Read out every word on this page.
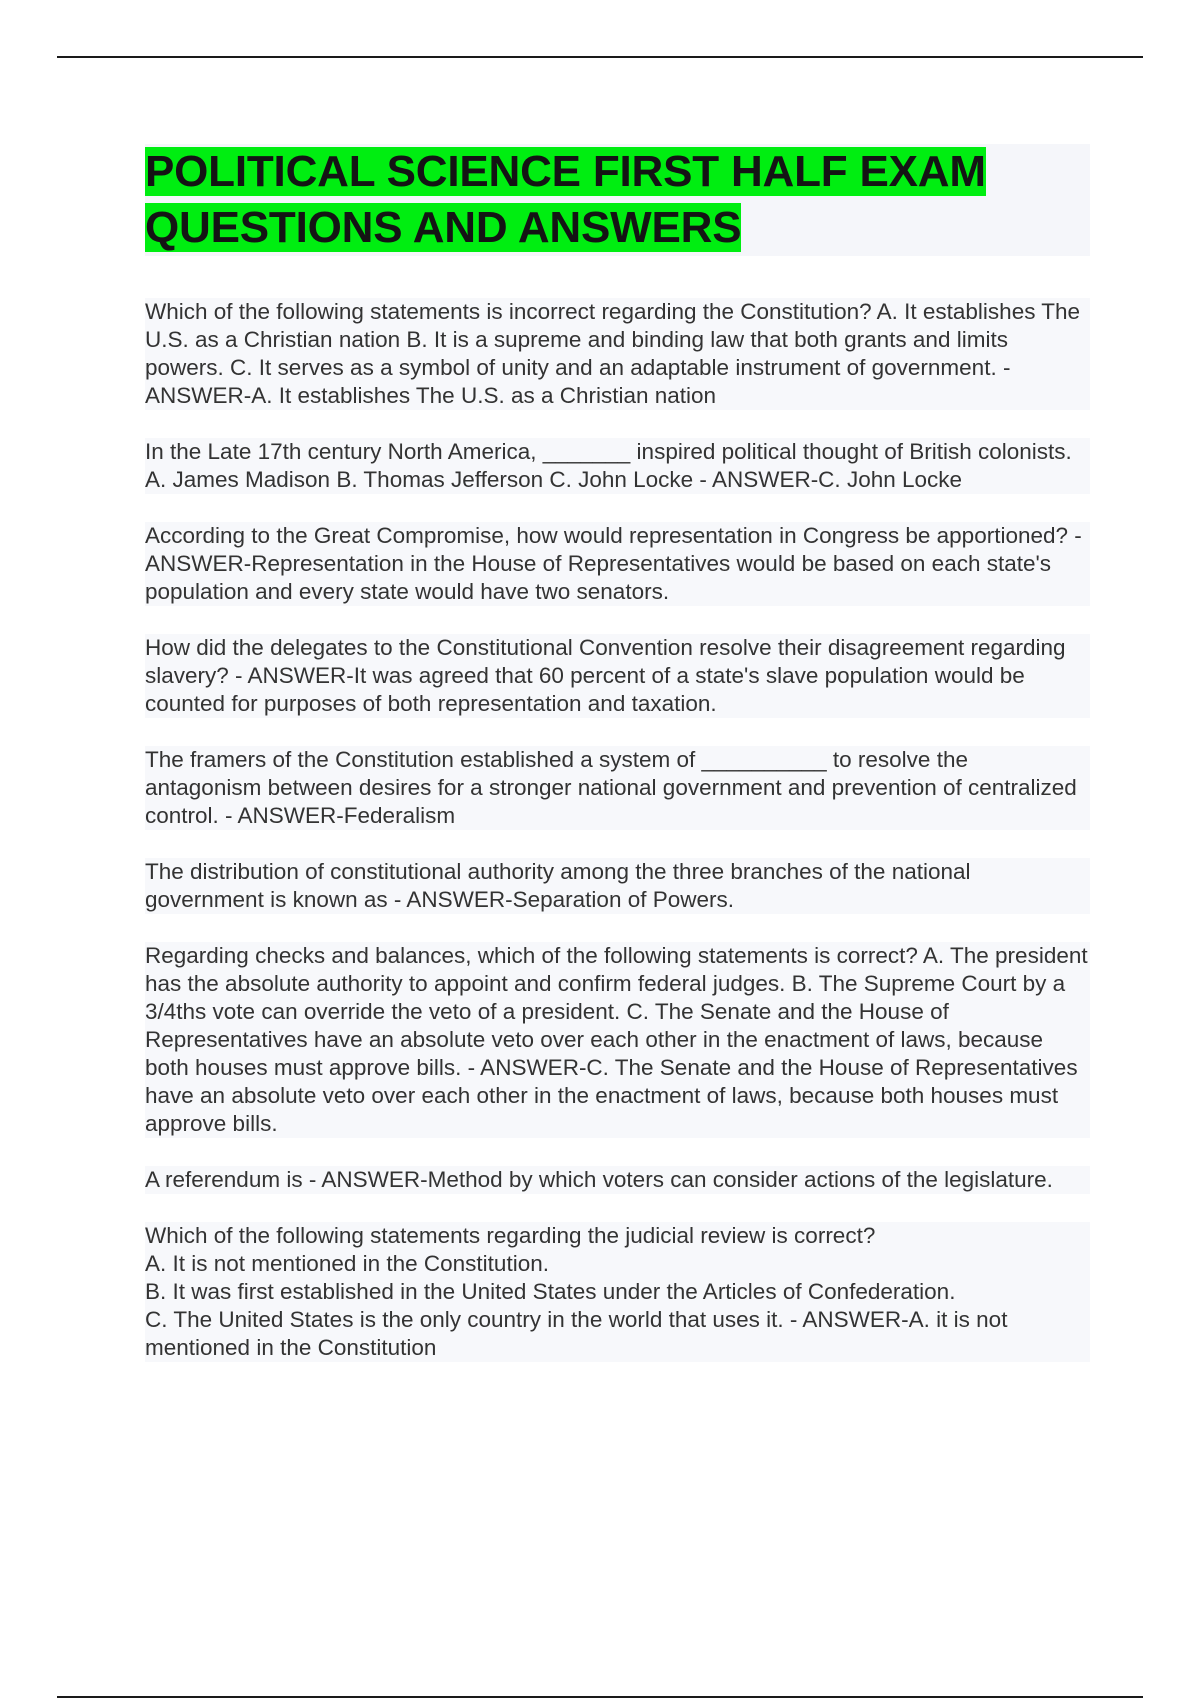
POLITICAL SCIENCE FIRST HALF EXAM
QUESTIONS AND ANSWERS

Which of the following statements is incorrect regarding the Constitution? A. It establishes The U.S. as a Christian nation B. It is a supreme and binding law that both grants and limits powers. C. It serves as a symbol of unity and an adaptable instrument of government. - ANSWER-A. It establishes The U.S. as a Christian nation

In the Late 17th century North America, _______ inspired political thought of British colonists. A. James Madison B. Thomas Jefferson C. John Locke - ANSWER-C. John Locke

According to the Great Compromise, how would representation in Congress be apportioned? - ANSWER-Representation in the House of Representatives would be based on each state's population and every state would have two senators.

How did the delegates to the Constitutional Convention resolve their disagreement regarding slavery? - ANSWER-It was agreed that 60 percent of a state's slave population would be counted for purposes of both representation and taxation.

The framers of the Constitution established a system of __________ to resolve the antagonism between desires for a stronger national government and prevention of centralized control. - ANSWER-Federalism

The distribution of constitutional authority among the three branches of the national government is known as - ANSWER-Separation of Powers.

Regarding checks and balances, which of the following statements is correct? A. The president has the absolute authority to appoint and confirm federal judges. B. The Supreme Court by a 3/4ths vote can override the veto of a president. C. The Senate and the House of Representatives have an absolute veto over each other in the enactment of laws, because both houses must approve bills. - ANSWER-C. The Senate and the House of Representatives have an absolute veto over each other in the enactment of laws, because both houses must approve bills.

A referendum is - ANSWER-Method by which voters can consider actions of the legislature.

Which of the following statements regarding the judicial review is correct?
A. It is not mentioned in the Constitution.
B. It was first established in the United States under the Articles of Confederation.
C. The United States is the only country in the world that uses it. - ANSWER-A. it is not mentioned in the Constitution
